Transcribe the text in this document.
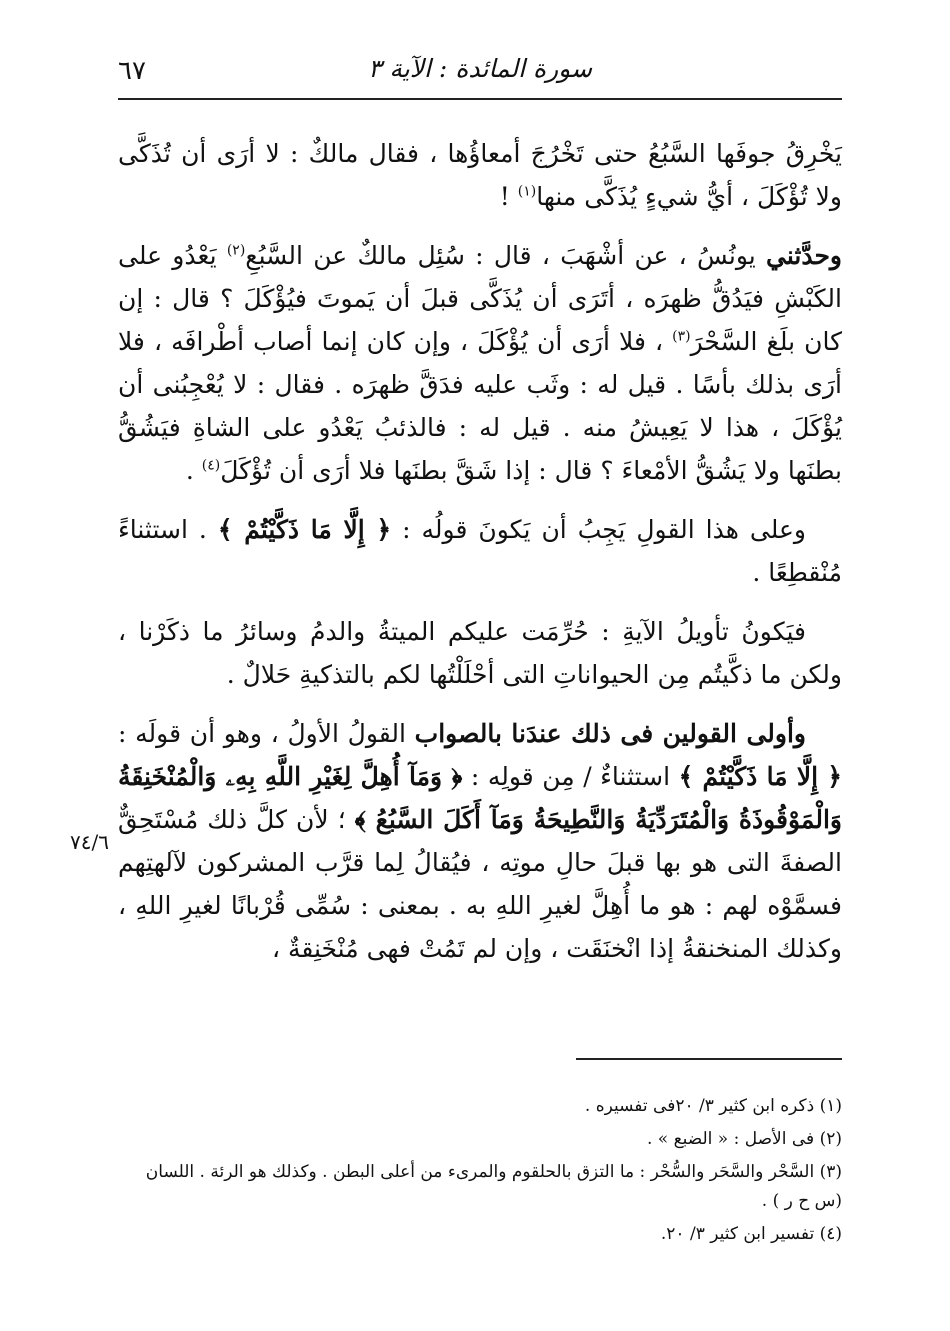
٦٧	سورة المائدة : الآية ٣

يَخْرِقُ جوفَها السَّبُعُ حتى تَخْرُجَ أمعاؤُها ، فقال مالكٌ : لا أرَى أن تُذَكَّى ولا تُؤْكَلَ ، أيُّ شيءٍ يُذَكَّى منها$^{(١)}$ !

وحدَّثني يونُسُ ، عن أشْهَبَ ، قال : سُئِل مالكٌ عن السَّبُعِ$^{(٢)}$ يَعْدُو على الكَبْشِ فيَدُقُّ ظهرَه ، أتَرَى أن يُذَكَّى قبلَ أن يَموتَ فيُؤْكَلَ ؟ قال : إن كان بلَغ السَّحْرَ$^{(٣)}$ ، فلا أرَى أن يُؤْكَلَ ، وإن كان إنما أصاب أطْرافَه ، فلا أرَى بذلك بأسًا . قيل له : وثَب عليه فدَقَّ ظهرَه . فقال : لا يُعْجِبُنى أن يُؤْكَلَ ، هذا لا يَعِيشُ منه . قيل له : فالذئبُ يَعْدُو على الشاةِ فيَشُقُّ بطنَها ولا يَشُقُّ الأمْعاءَ ؟ قال : إذا شَقَّ بطنَها فلا أرَى أن تُؤْكَلَ$^{(٤)}$ .

وعلى هذا القولِ يَجِبُ أن يَكونَ قولُه : ﴿ إِلَّا مَا ذَكَّيْتُمْ ﴾ . استثناءً مُنْقطِعًا .

فيَكونُ تأويلُ الآيةِ : حُرِّمَت عليكم الميتةُ والدمُ وسائرُ ما ذكَرْنا ، ولكن ما ذكَّيتُم مِن الحيواناتِ التى أحْلَلْتُها لكم بالتذكيةِ حَلالٌ .

وأولى القولين فى ذلك عندَنا بالصواب القولُ الأولُ ، وهو أن قولَه : ﴿ إِلَّا مَا ذَكَّيْتُمْ ﴾ استثناءٌ / مِن قولِه : ﴿ وَمَآ أُهِلَّ لِغَيْرِ اللَّهِ بِهِۦ وَالْمُنْخَنِقَةُ وَالْمَوْقُوذَةُ وَالْمُتَرَدِّيَةُ وَالنَّطِيحَةُ وَمَآ أَكَلَ السَّبُعُ ﴾ ؛ لأن كلَّ ذلك مُسْتَحِقٌّ الصفةَ التى هو بها قبلَ حالِ موتِه ، فيُقالُ لِما قرَّب المشركون لآلهتِهم فسمَّوْه لهم : هو ما أُهِلَّ لغيرِ اللهِ به . بمعنى : سُمِّى قُرْبانًا لغيرِ اللهِ ، وكذلك المنخنقةُ إذا انْخنَقَت ، وإن لم تَمُتْ فهى مُنْخَنِقةٌ ،

٧٤/٦

(١) ذكره ابن كثير ٣/ ٢٠فى تفسيره .

(٢) فى الأصل : « الضبع » .

(٣) السَّحْر والسَّحَر والسُّحْر : ما التزق بالحلقوم والمرىء من أعلى البطن . وكذلك هو الرئة . اللسان (س ح ر ) .

(٤) تفسير ابن كثير ٣/ ٢٠.
